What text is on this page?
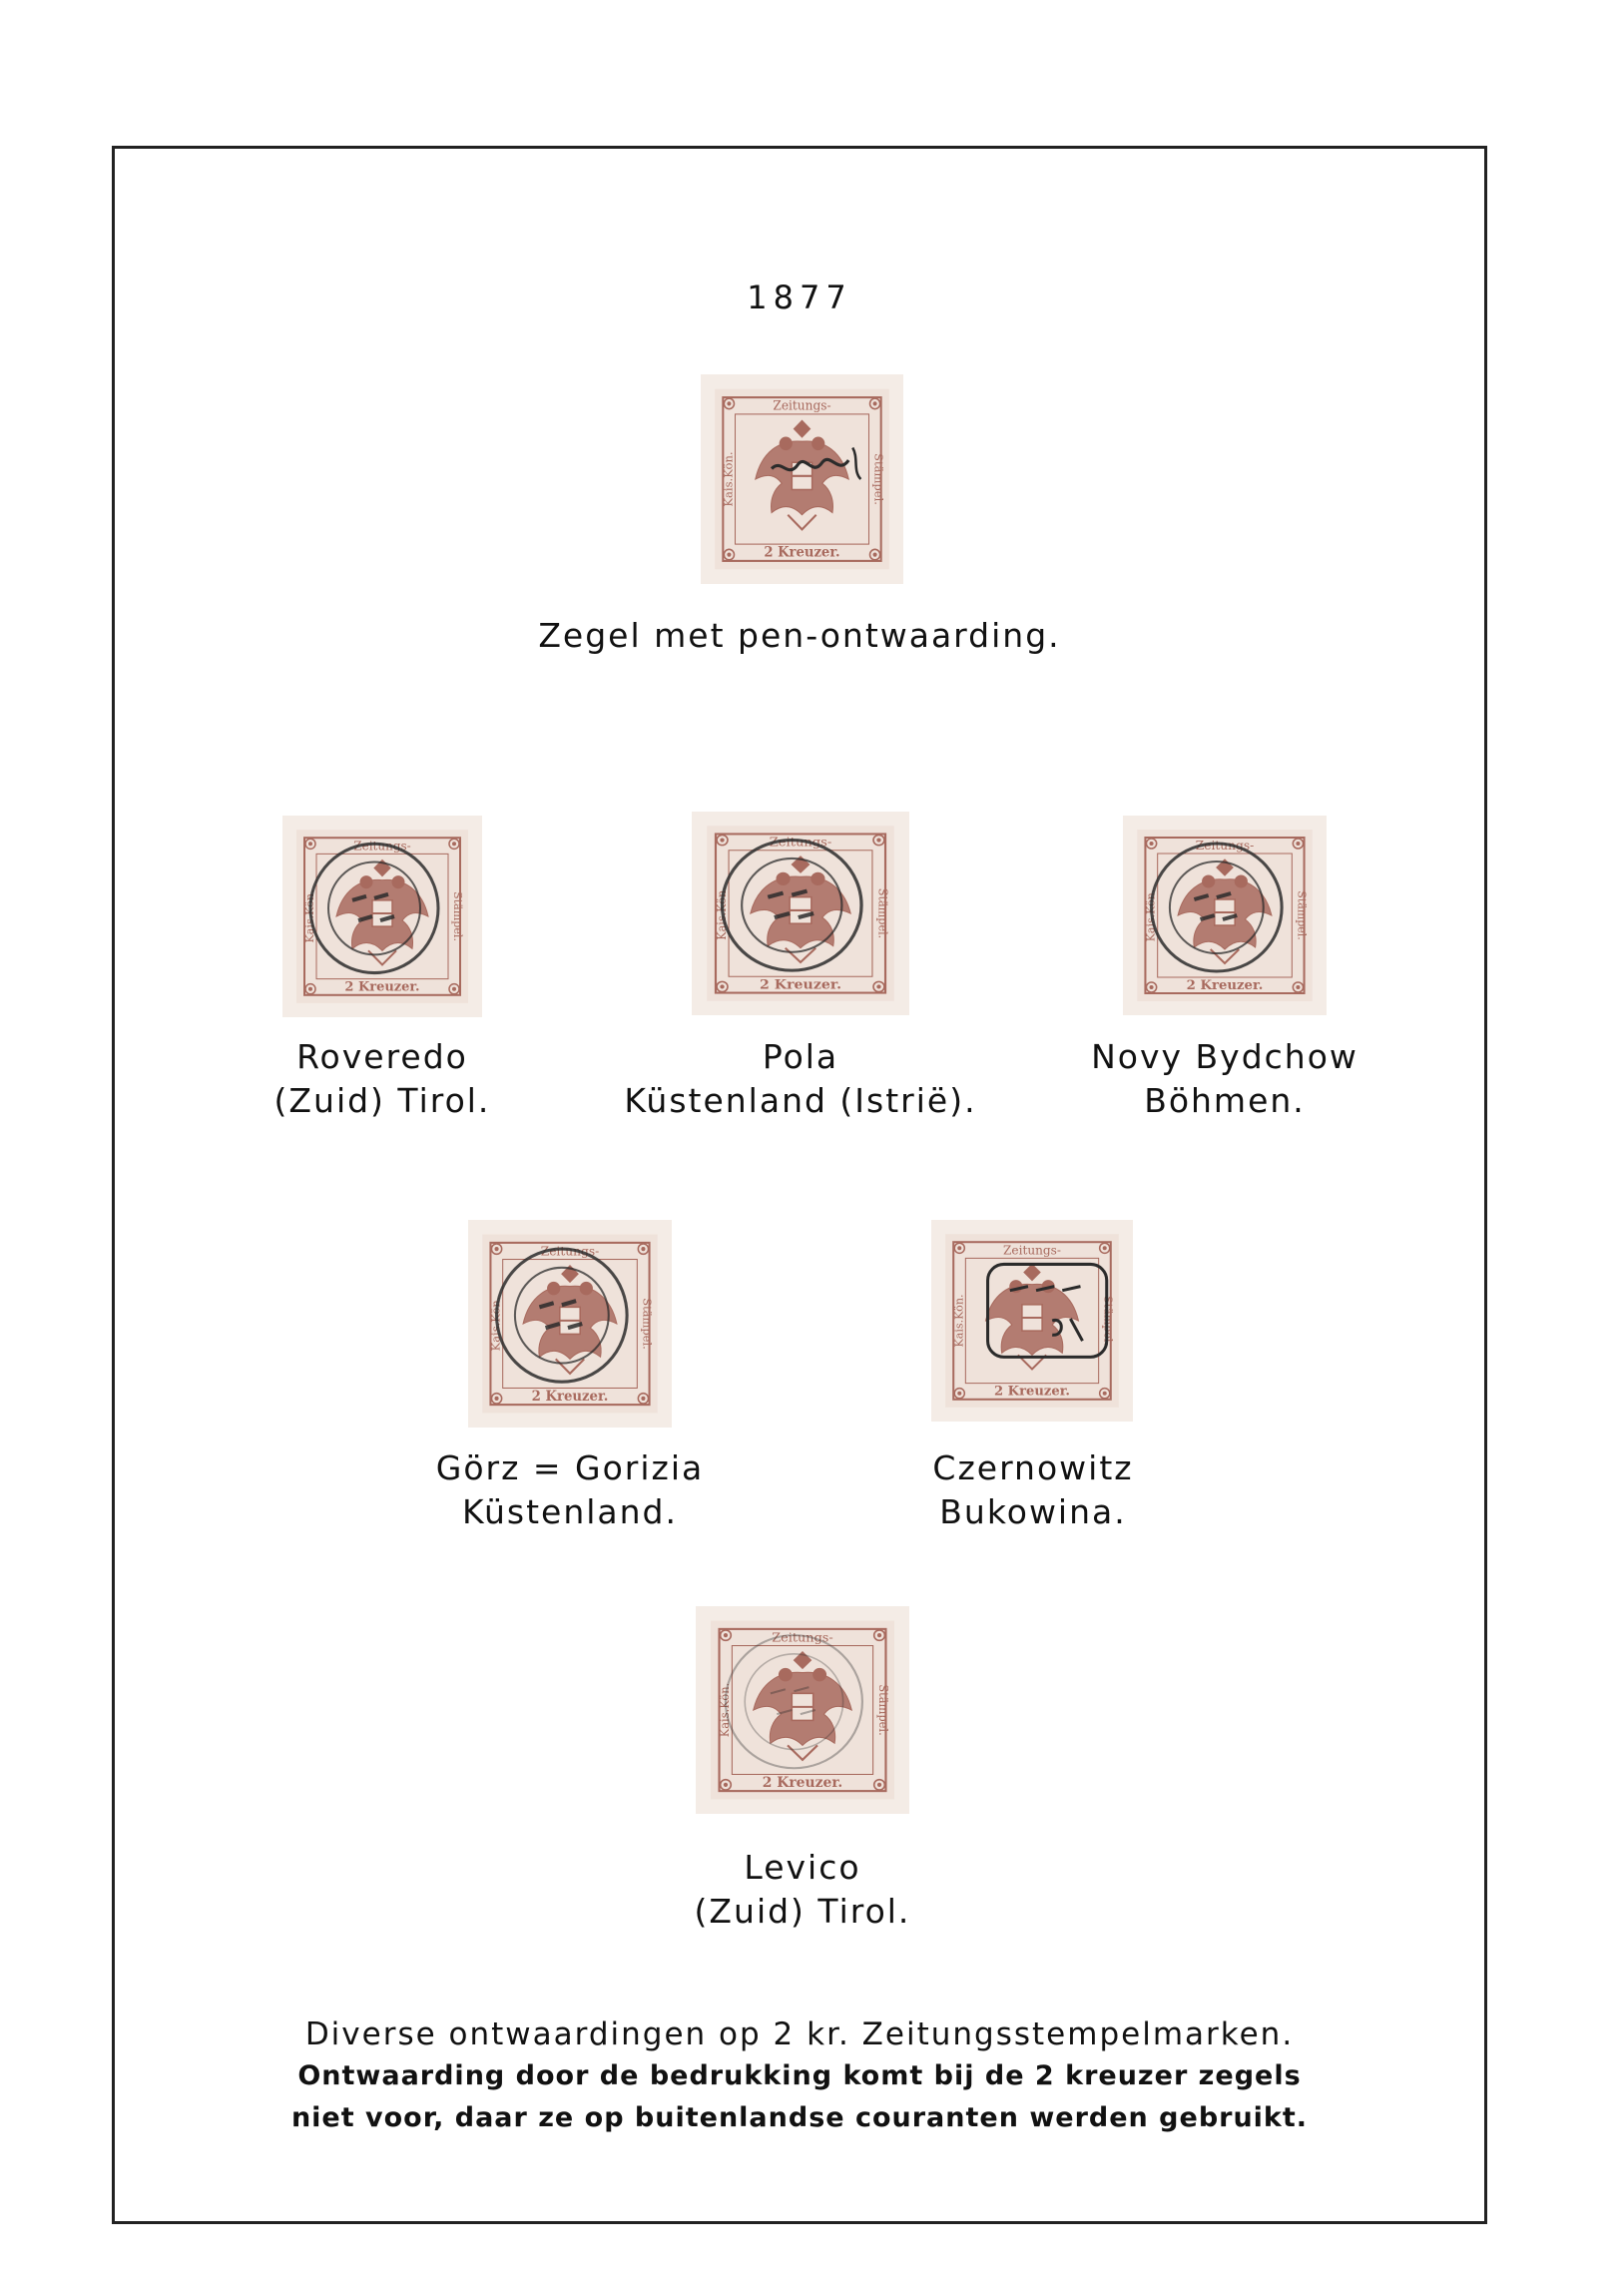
1877
Zeitungs-
2 Kreuzer.
Kais.Kön.	Stämpel.
Zegel met pen-ontwaarding.
Zeitungs-
2 Kreuzer.
Kais.Kön.	Stämpel.
Roveredo
(Zuid) Tirol.
Zeitungs-
2 Kreuzer.
Kais.Kön.	Stämpel.
Pola
Küstenland (Istrië).
Zeitungs-
2 Kreuzer.
Kais.Kön.	Stämpel.
Novy Bydchow
Böhmen.
Zeitungs-
2 Kreuzer.
Kais.Kön.	Stämpel.
Görz = Gorizia
Küstenland.
Zeitungs-
2 Kreuzer.
Kais.Kön.	Stämpel.
Czernowitz
Bukowina.
Zeitungs-
2 Kreuzer.
Kais.Kön.	Stämpel.
Levico
(Zuid) Tirol.
Diverse ontwaardingen op 2 kr. Zeitungsstempelmarken.
Ontwaarding door de bedrukking komt bij de 2 kreuzer zegels
niet voor, daar ze op buitenlandse couranten werden gebruikt.
